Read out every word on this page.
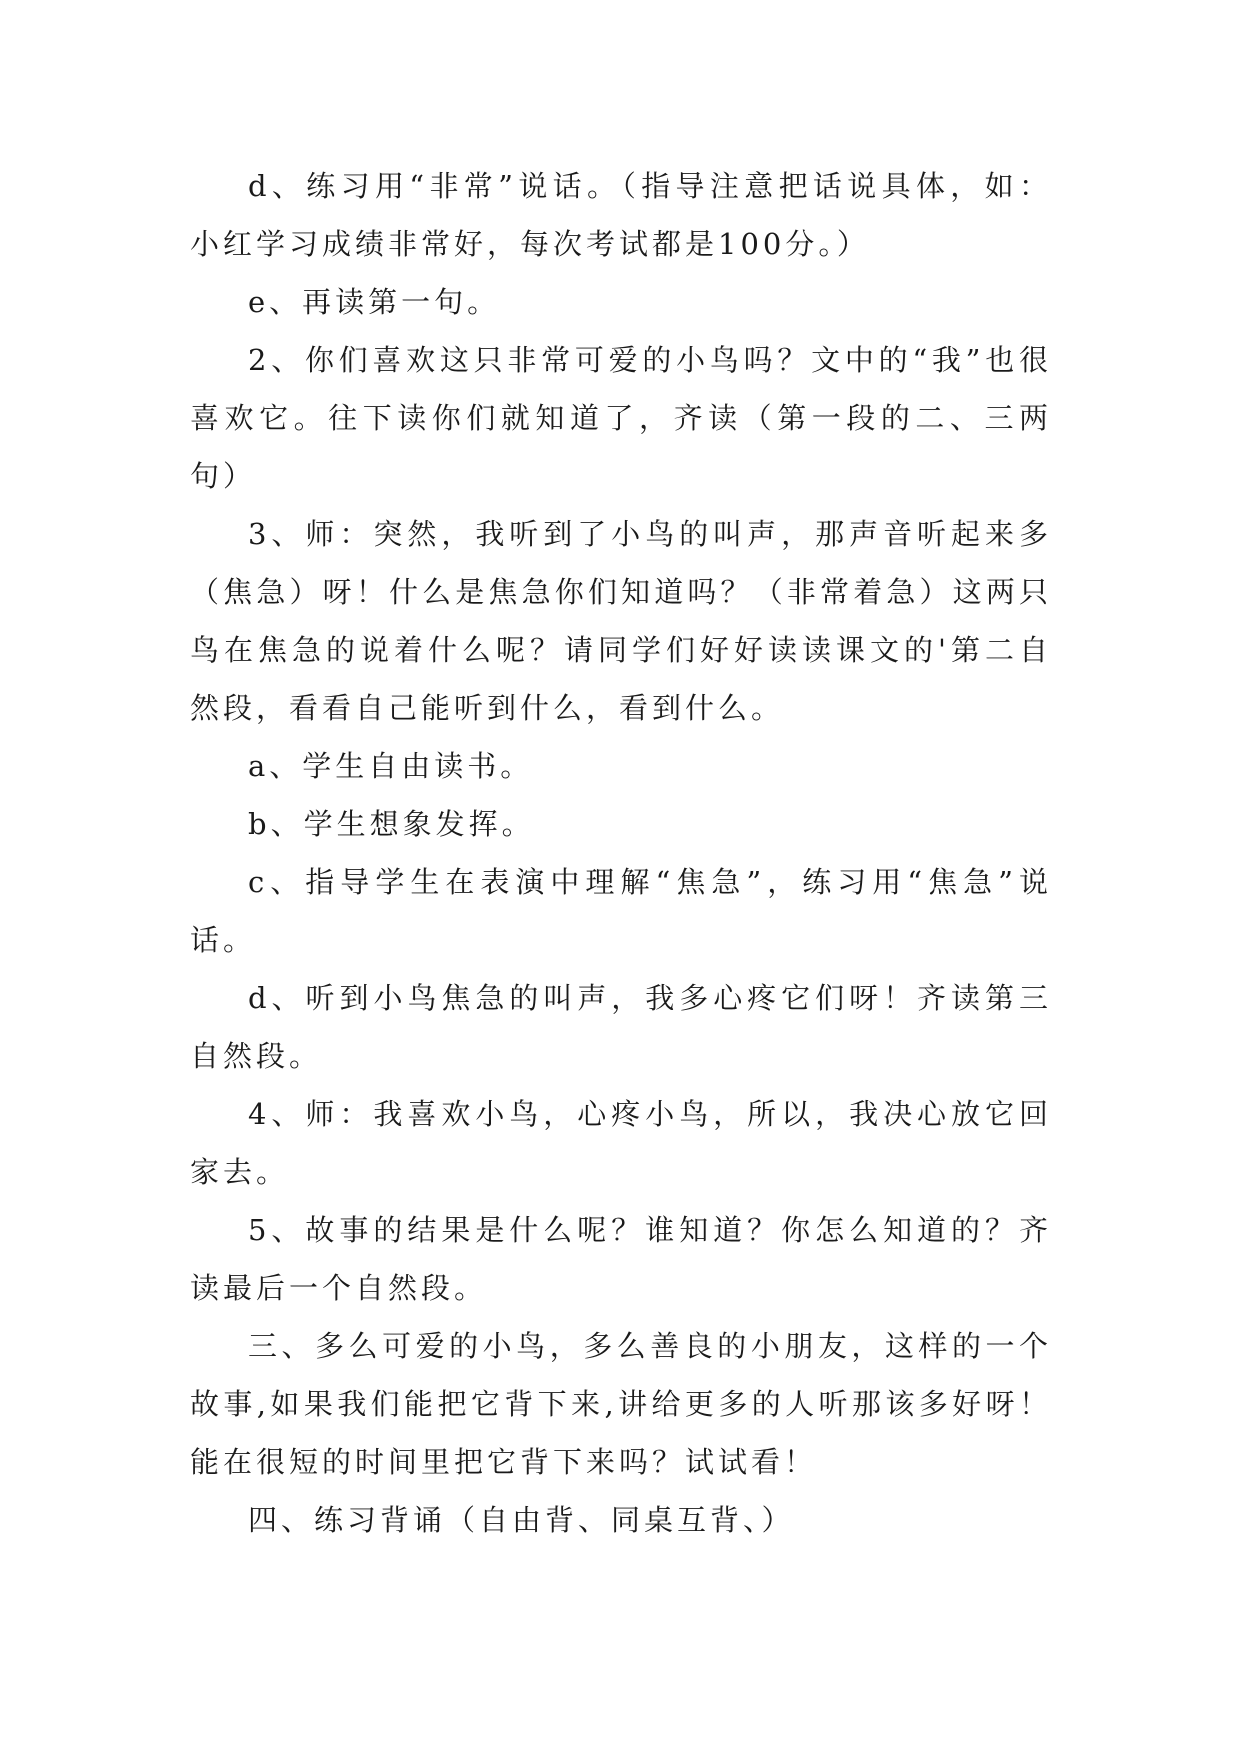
d、练习用“非常”说话。（指导注意把话说具体，如：小红学习成绩非常好，每次考试都是100分。）

e、再读第一句。

2、你们喜欢这只非常可爱的小鸟吗？文中的“我”也很喜欢它。往下读你们就知道了，齐读（第一段的二、三两句）

3、师：突然，我听到了小鸟的叫声，那声音听起来多（焦急）呀！什么是焦急你们知道吗？（非常着急）这两只鸟在焦急的说着什么呢？请同学们好好读读课文的'第二自然段，看看自己能听到什么，看到什么。

a、学生自由读书。

b、学生想象发挥。

c、指导学生在表演中理解“焦急”，练习用“焦急”说话。

d、听到小鸟焦急的叫声，我多心疼它们呀！齐读第三自然段。

4、师：我喜欢小鸟，心疼小鸟，所以，我决心放它回家去。

5、故事的结果是什么呢？谁知道？你怎么知道的？齐读最后一个自然段。

三、多么可爱的小鸟，多么善良的小朋友，这样的一个故事,如果我们能把它背下来,讲给更多的人听那该多好呀！能在很短的时间里把它背下来吗？试试看！

四、练习背诵（自由背、同桌互背、）
